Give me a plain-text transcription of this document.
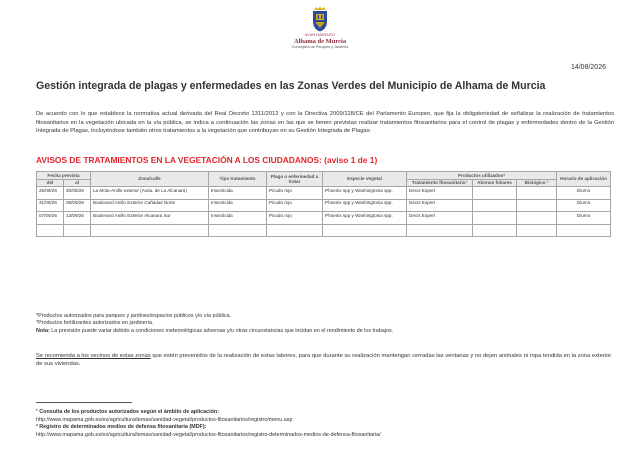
AYUNTAMIENTO
Alhama de Murcia
Concejalía de Parques y Jardines
14/08/2026
Gestión integrada de plagas y enfermedades en las Zonas Verdes del Municipio de Alhama de Murcia
De acuerdo con lo que establece la normativa actual derivada del Real Decreto 1311/2012 y con la Directiva 2009/128/CE del Parlamento Europeo, que fija la obligatoriedad de señalizar la realización de tratamientos fitosanitarios en la vegetación ubicada en la vía pública, se indica a continuación las zonas en las que se tienen previstas realizar tratamientos fitosanitarios para el control de plagas y enfermedades dentro de la Gestión Integrada de Plagas, incluyéndose también otros tratamientos a la vegetación que contribuyan en su Gestión Integrada de Plagas:
AVISOS DE TRATAMIENTOS EN LA VEGETACIÓN A LOS CIUDADANOS: (aviso 1 de 1)
Fecha prevista		Zona/calle	Tipo tratamiento	Plaga o enfermedad a tratar	Especie Vegetal	Productos utilizados*			Horario de aplicación
del	al					Tratamiento fitosanitario¹	Abonos foliares	Biológico ²	
25/08/26	30/08/26	La Mota-Anillo exterior (Avda. de La Alcanara)	Insecticida	Picudo rojo	Phoenix spp y Washingtonia spp.	Decis Expert			Diurno
31/08/26	06/09/26	Boulevard Anillo Exterior Cañadas Norte	Insecticida	Picudo rojo	Phoenix spp y Washingtonia spp.	Decis Expert			Diurno
07/09/26	13/09/26	Boulevard Anillo Exterior Alcanara Sur	Insecticida	Picudo rojo	Phoenix spp y Washingtonia spp.	Decis Expert			Diurno

*Productos autorizados para parques y jardines/espacios públicos y/o vía pública.
*Productos fertilizantes autorizados en jardinería.
Nota: La previsión puede variar debido a condiciones meteorológicas adversas y/u otras circunstancias que incidan en el rendimiento de los trabajos.
Se recomienda a los vecinos de estas zonas que estén prevenidos de la realización de estas labores, para que durante su realización mantengan cerradas las ventanas y no dejen animales ni ropa tendida en la zona exterior de sus viviendas.
¹ Consulta de los productos autorizados según el ámbito de aplicación:
http://www.mapama.gob.es/es/agricultura/temas/sanidad-vegetal/productos-fitosanitarios/registro/menu.asp
² Registro de determinados medios de defensa fitosanitaria (MDF):
http://www.mapama.gob.es/es/agricultura/temas/sanidad-vegetal/productos-fitosanitarios/registro-determinados-medios-de-defensa-fitosanitaria/
